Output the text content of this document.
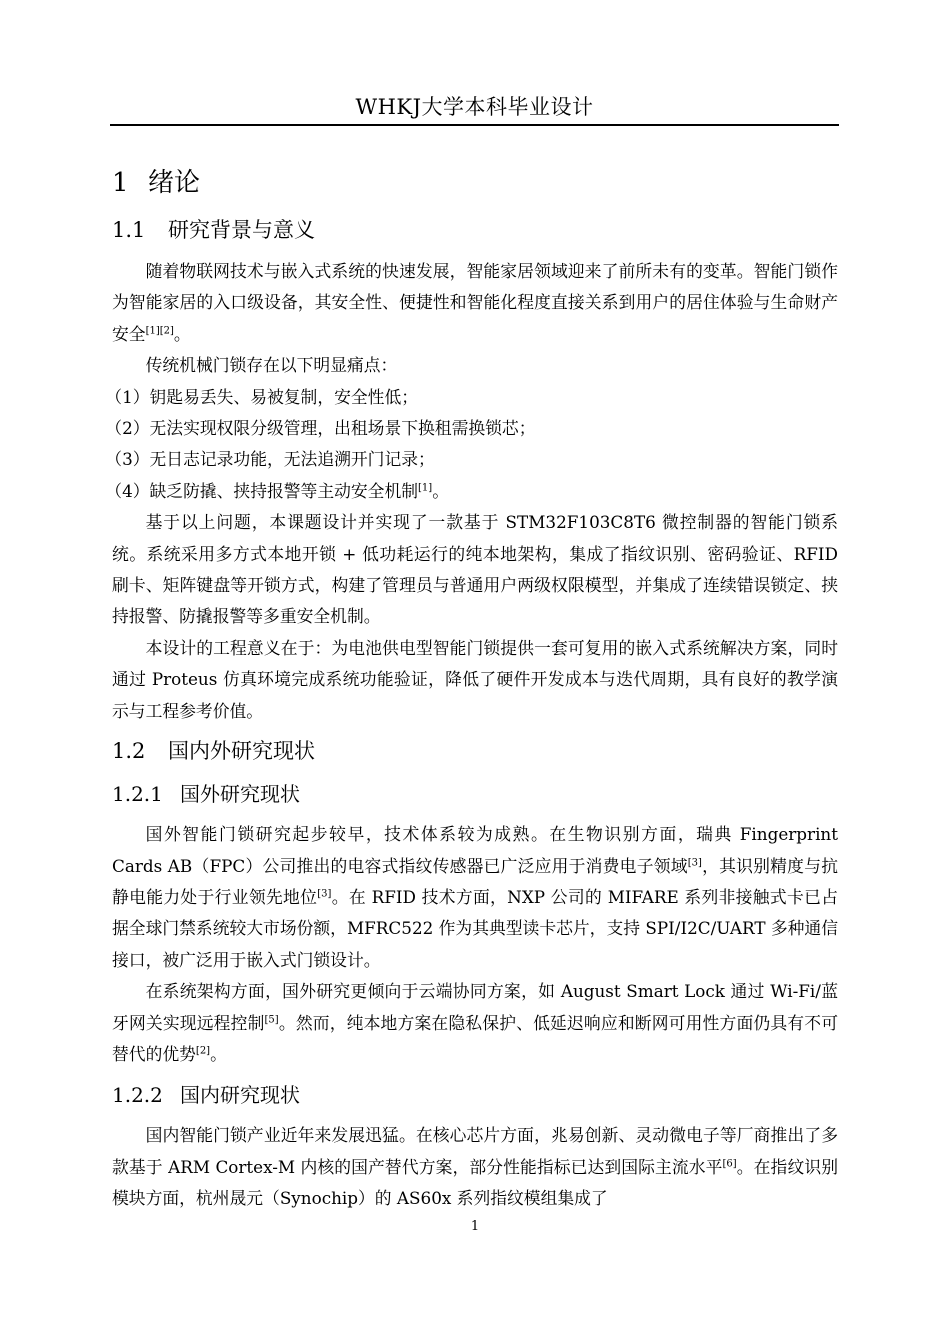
WHKJ大学本科毕业设计
1 绪论
1.1 研究背景与意义

随着物联网技术与嵌入式系统的快速发展，智能家居领域迎来了前所未有的变革。智能门锁作为智能家居的入口级设备，其安全性、便捷性和智能化程度直接关系到用户的居住体验与生命财产安全[1][2]。

传统机械门锁存在以下明显痛点：

（1）钥匙易丢失、易被复制，安全性低；

（2）无法实现权限分级管理，出租场景下换租需换锁芯；

（3）无日志记录功能，无法追溯开门记录；

（4）缺乏防撬、挟持报警等主动安全机制[1]。

基于以上问题，本课题设计并实现了一款基于 STM32F103C8T6 微控制器的智能门锁系统。系统采用多方式本地开锁 + 低功耗运行的纯本地架构，集成了指纹识别、密码验证、RFID 刷卡、矩阵键盘等开锁方式，构建了管理员与普通用户两级权限模型，并集成了连续错误锁定、挟持报警、防撬报警等多重安全机制。

本设计的工程意义在于：为电池供电型智能门锁提供一套可复用的嵌入式系统解决方案，同时通过 Proteus 仿真环境完成系统功能验证，降低了硬件开发成本与迭代周期，具有良好的教学演示与工程参考价值。

1.2 国内外研究现状
1.2.1 国外研究现状

国外智能门锁研究起步较早，技术体系较为成熟。在生物识别方面，瑞典 Fingerprint Cards AB（FPC）公司推出的电容式指纹传感器已广泛应用于消费电子领域[3]，其识别精度与抗静电能力处于行业领先地位[3]。在 RFID 技术方面，NXP 公司的 MIFARE 系列非接触式卡已占据全球门禁系统较大市场份额，MFRC522 作为其典型读卡芯片，支持 SPI/I2C/UART 多种通信接口，被广泛用于嵌入式门锁设计。

在系统架构方面，国外研究更倾向于云端协同方案，如 August Smart Lock 通过 Wi-Fi/蓝牙网关实现远程控制[5]。然而，纯本地方案在隐私保护、低延迟响应和断网可用性方面仍具有不可替代的优势[2]。

1.2.2 国内研究现状

国内智能门锁产业近年来发展迅猛。在核心芯片方面，兆易创新、灵动微电子等厂商推出了多款基于 ARM Cortex-M 内核的国产替代方案，部分性能指标已达到国际主流水平[6]。在指纹识别模块方面，杭州晟元（Synochip）的 AS60x 系列指纹模组集成了

1
